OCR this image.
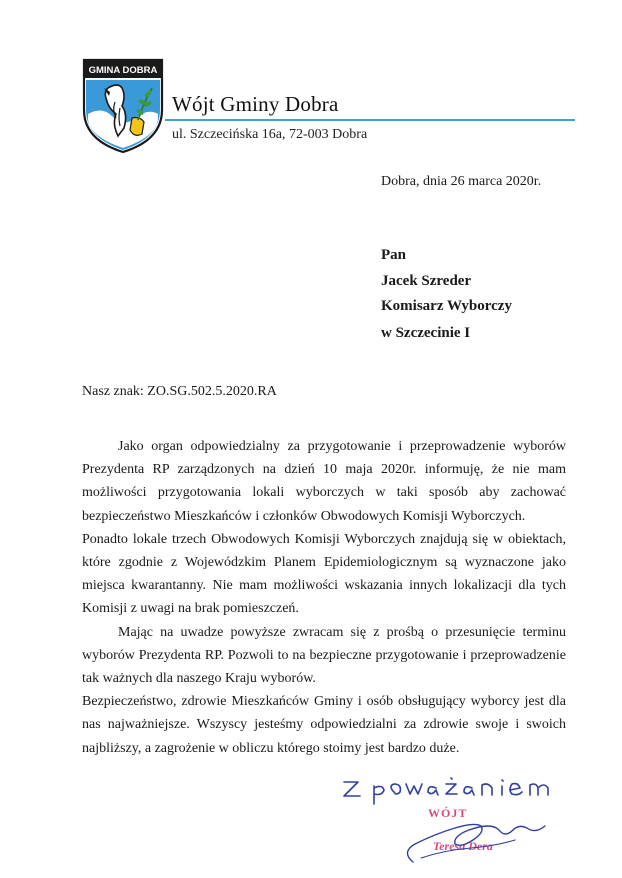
GMINA DOBRA
Wójt Gminy Dobra
ul. Szczecińska 16a, 72-003 Dobra
Dobra, dnia 26 marca 2020r.
Pan
Jacek Szreder
Komisarz Wyborczy
w Szczecinie I
Nasz znak: ZO.SG.502.5.2020.RA

Jako organ odpowiedzialny za przygotowanie i przeprowadzenie wyborów Prezydenta RP zarządzonych na dzień 10 maja 2020r. informuję, że nie mam możliwości przygotowania lokali wyborczych w taki sposób aby zachować bezpieczeństwo Mieszkańców i członków Obwodowych Komisji Wyborczych.

Ponadto lokale trzech Obwodowych Komisji Wyborczych znajdują się w obiektach, które zgodnie z Wojewódzkim Planem Epidemiologicznym są wyznaczone jako miejsca kwarantanny. Nie mam możliwości wskazania innych lokalizacji dla tych Komisji z uwagi na brak pomieszczeń.

Mając na uwadze powyższe zwracam się z prośbą o przesunięcie terminu wyborów Prezydenta RP. Pozwoli to na bezpieczne przygotowanie i przeprowadzenie tak ważnych dla naszego Kraju wyborów.

Bezpieczeństwo, zdrowie Mieszkańców Gminy i osób obsługujący wyborcy jest dla nas najważniejsze. Wszyscy jesteśmy odpowiedzialni za zdrowie swoje i swoich najbliższy, a zagrożenie w obliczu którego stoimy jest bardzo duże.

WÓJT
Teresa Dera
